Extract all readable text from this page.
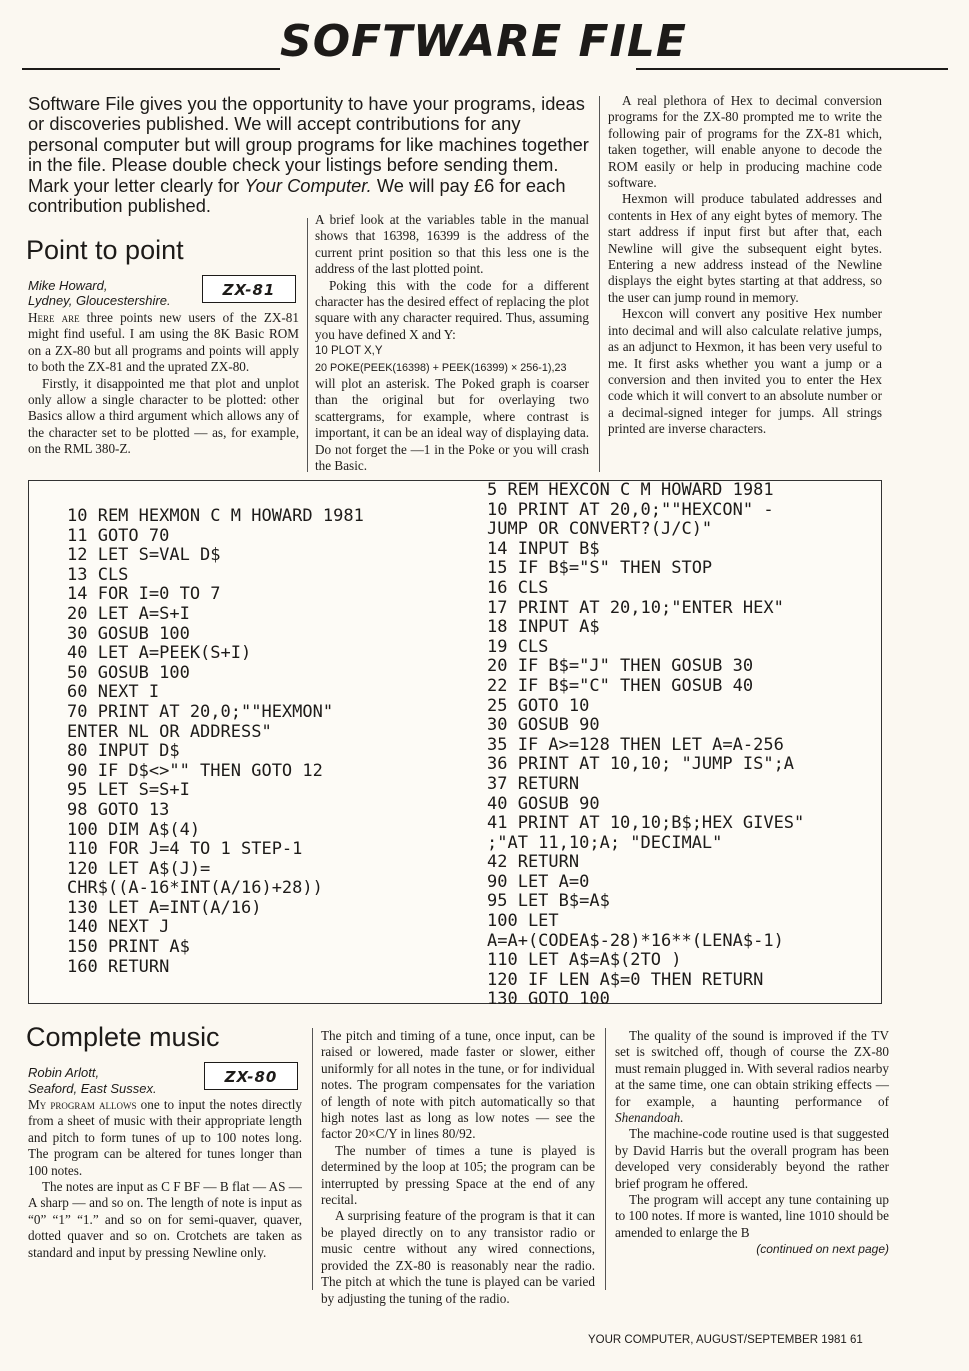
SOFTWARE FILE

Software File gives you the opportunity to have your programs, ideas or discoveries published. We will accept contributions for any personal computer but will group programs for like machines together in the file. Please double check your listings before sending them. Mark your letter clearly for Your Computer. We will pay £6 for each contribution published.

Point to point
Mike Howard,
Lydney, Gloucestershire.
ZX-81

Here are three points new users of the ZX-81 might find useful. I am using the 8K Basic ROM on a ZX-80 but all programs and points will apply to both the ZX-81 and the uprated ZX-80.

Firstly, it disappointed me that plot and unplot only allow a single character to be plotted: other Basics allow a third argument which allows any of the character set to be plotted — as, for example, on the RML 380-Z.

A brief look at the variables table in the manual shows that 16398, 16399 is the address of the current print position so that this less one is the address of the last plotted point.

Poking this with the code for a different character has the desired effect of replacing the plot square with any character required. Thus, assuming you have defined X and Y:

10 PLOT X,Y
20 POKE(PEEK(16398) + PEEK(16399) × 256-1),23

will plot an asterisk. The Poked graph is coarser than the original but for overlaying two scattergrams, for example, where contrast is important, it can be an ideal way of displaying data. Do not forget the —1 in the Poke or you will crash the Basic.

A real plethora of Hex to decimal conversion programs for the ZX-80 prompted me to write the following pair of programs for the ZX-81 which, taken together, will enable anyone to decode the ROM easily or help in producing machine code software.

Hexmon will produce tabulated addresses and contents in Hex of any eight bytes of memory. The start address if input first but after that, each Newline will give the subsequent eight bytes. Entering a new address instead of the Newline displays the eight bytes starting at that address, so the user can jump round in memory.

Hexcon will convert any positive Hex number into decimal and will also calculate relative jumps, as an adjunct to Hexmon, it has been very useful to me. It first asks whether you want a jump or a conversion and then invited you to enter the Hex code which it will convert to an absolute number or a decimal-signed integer for jumps. All strings printed are inverse characters.

10 REM HEXMON C M HOWARD 1981
11 GOTO 70
12 LET S=VAL D$
13 CLS
14 FOR I=0 TO 7
20 LET A=S+I
30 GOSUB 100
40 LET A=PEEK(S+I)
50 GOSUB 100
60 NEXT I
70 PRINT AT 20,0;""HEXMON"
ENTER NL OR ADDRESS"
80 INPUT D$
90 IF D$<>"" THEN GOTO 12
95 LET S=S+I
98 GOTO 13
100 DIM A$(4)
110 FOR J=4 TO 1 STEP-1
120 LET A$(J)=
CHR$((A-16*INT(A/16)+28))
130 LET A=INT(A/16)
140 NEXT J
150 PRINT A$
160 RETURN
5 REM HEXCON C M HOWARD 1981
10 PRINT AT 20,0;""HEXCON" -
JUMP OR CONVERT?(J/C)"
14 INPUT B$
15 IF B$="S" THEN STOP
16 CLS
17 PRINT AT 20,10;"ENTER HEX"
18 INPUT A$
19 CLS
20 IF B$="J" THEN GOSUB 30
22 IF B$="C" THEN GOSUB 40
25 GOTO 10
30 GOSUB 90
35 IF A>=128 THEN LET A=A-256
36 PRINT AT 10,10; "JUMP IS";A
37 RETURN
40 GOSUB 90
41 PRINT AT 10,10;B$;HEX GIVES"
;"AT 11,10;A; "DECIMAL"
42 RETURN
90 LET A=0
95 LET B$=A$
100 LET
A=A+(CODEA$-28)*16**(LENA$-1)
110 LET A$=A$(2TO )
120 IF LEN A$=0 THEN RETURN
130 GOTO 100
Complete music
Robin Arlott,
Seaford, East Sussex.
ZX-80

My program allows one to input the notes directly from a sheet of music with their appropriate length and pitch to form tunes of up to 100 notes long. The program can be altered for tunes longer than 100 notes.

The notes are input as C F BF — B flat — AS — A sharp — and so on. The length of note is input as “0” “1” “1.” and so on for semi-quaver, quaver, dotted quaver and so on. Crotchets are taken as standard and input by pressing Newline only.

The pitch and timing of a tune, once input, can be raised or lowered, made faster or slower, either uniformly for all notes in the tune, or for individual notes. The program compensates for the variation of length of note with pitch automatically so that high notes last as long as low notes — see the factor 20×C/Y in lines 80/92.

The number of times a tune is played is determined by the loop at 105; the program can be interrupted by pressing Space at the end of any recital.

A surprising feature of the program is that it can be played directly on to any transistor radio or music centre without any wired connections, provided the ZX-80 is reasonably near the radio. The pitch at which the tune is played can be varied by adjusting the tuning of the radio.

The quality of the sound is improved if the TV set is switched off, though of course the ZX-80 must remain plugged in. With several radios nearby at the same time, one can obtain striking effects — for example, a haunting performance of Shenandoah.

The machine-code routine used is that suggested by David Harris but the overall program has been developed very considerably beyond the rather brief program he offered.

The program will accept any tune containing up to 100 notes. If more is wanted, line 1010 should be amended to enlarge the B

(continued on next page)
YOUR COMPUTER, AUGUST/SEPTEMBER 1981 61
